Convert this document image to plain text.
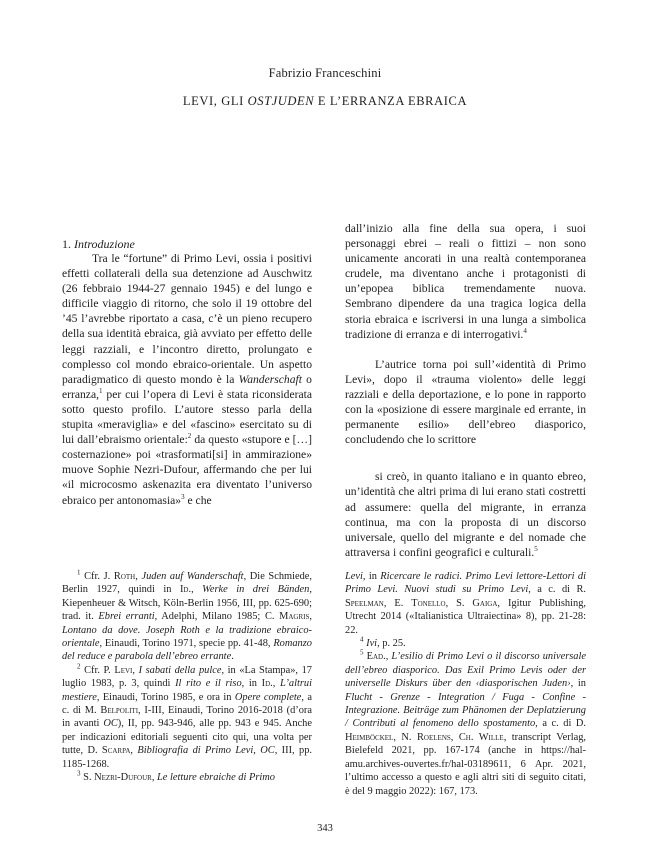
Fabrizio Franceschini
LEVI, GLI OSTJUDEN E L’ERRANZA EBRAICA
1. Introduzione

Tra le “fortune” di Primo Levi, ossia i positivi effetti collaterali della sua detenzione ad Auschwitz (26 febbraio 1944-27 gennaio 1945) e del lungo e difficile viaggio di ritorno, che solo il 19 ottobre del ’45 l’avrebbe riportato a casa, c’è un pieno recupero della sua identità ebraica, già avviato per effetto delle leggi razziali, e l’incontro diretto, prolungato e complesso col mondo ebraico-orientale. Un aspetto paradigmatico di questo mondo è la Wanderschaft o erranza,$^1$ per cui l’opera di Levi è stata riconsiderata sotto questo profilo. L’autore stesso parla della stupita «meraviglia» e del «fascino» esercitato su di lui dall’ebraismo orientale:$^2$ da questo «stupore e […] costernazione» poi «trasformati[si] in ammirazione» muove Sophie Nezri-Dufour, affermando che per lui «il microcosmo askenazita era diventato l’universo ebraico per antonomasia»$^3$ e che

dall’inizio alla fine della sua opera, i suoi personaggi ebrei – reali o fittizi – non sono unicamente ancorati in una realtà contemporanea crudele, ma diventano anche i protagonisti di un’epopea biblica tremendamente nuova. Sembrano dipendere da una tragica logica della storia ebraica e iscriversi in una lunga a simbolica tradizione di erranza e di interrogativi.$^4$

L’autrice torna poi sull’«identità di Primo Levi», dopo il «trauma violento» delle leggi razziali e della deportazione, e lo pone in rapporto con la «posizione di essere marginale ed errante, in permanente esilio» dell’ebreo diasporico, concludendo che lo scrittore

si creò, in quanto italiano e in quanto ebreo, un’identità che altri prima di lui erano stati costretti ad assumere: quella del migrante, in erranza continua, ma con la proposta di un discorso universale, quello del migrante e del nomade che attraversa i confini geografici e culturali.$^5$

$^1$ Cfr. J. Roth, Juden auf Wanderschaft, Die Schmiede, Berlin 1927, quindi in Id., Werke in drei Bänden, Kiepenheuer & Witsch, Köln-Berlin 1956, III, pp. 625-690; trad. it. Ebrei erranti, Adelphi, Milano 1985; C. Magris, Lontano da dove. Joseph Roth e la tradizione ebraico-orientale, Einaudi, Torino 1971, specie pp. 41-48, Romanzo del reduce e parabola dell’ebreo errante.

$^2$ Cfr. P. Levi, I sabati della pulce, in «La Stampa», 17 luglio 1983, p. 3, quindi Il rito e il riso, in Id., L’altrui mestiere, Einaudi, Torino 1985, e ora in Opere complete, a c. di M. Belpoliti, I-III, Einaudi, Torino 2016-2018 (d’ora in avanti OC), II, pp. 943-946, alle pp. 943 e 945. Anche per indicazioni editoriali seguenti cito qui, una volta per tutte, D. Scarpa, Bibliografia di Primo Levi, OC, III, pp. 1185-1268.

$^3$ S. Nezri-Dufour, Le letture ebraiche di Primo

Levi, in Ricercare le radici. Primo Levi lettore-Lettori di Primo Levi. Nuovi studi su Primo Levi, a c. di R. Speelman, E. Tonello, S. Gaiga, Igitur Publishing, Utrecht 2014 («Italianistica Ultraiectina» 8), pp. 21-28: 22.

$^4$ Ivi, p. 25.

$^5$ Ead., L’esilio di Primo Levi o il discorso universale dell’ebreo diasporico. Das Exil Primo Levis oder der universelle Diskurs über den ‹diasporischen Juden›, in Flucht - Grenze - Integration / Fuga - Confine - Integrazione. Beiträge zum Phänomen der Deplatzierung / Contributi al fenomeno dello spostamento, a c. di D. Heimböckel, N. Roelens, Ch. Wille, transcript Verlag, Bielefeld 2021, pp. 167-174 (anche in https://hal-amu.archives-ouvertes.fr/hal-03189611, 6 Apr. 2021, l’ultimo accesso a questo e agli altri siti di seguito citati, è del 9 maggio 2022): 167, 173.

343
